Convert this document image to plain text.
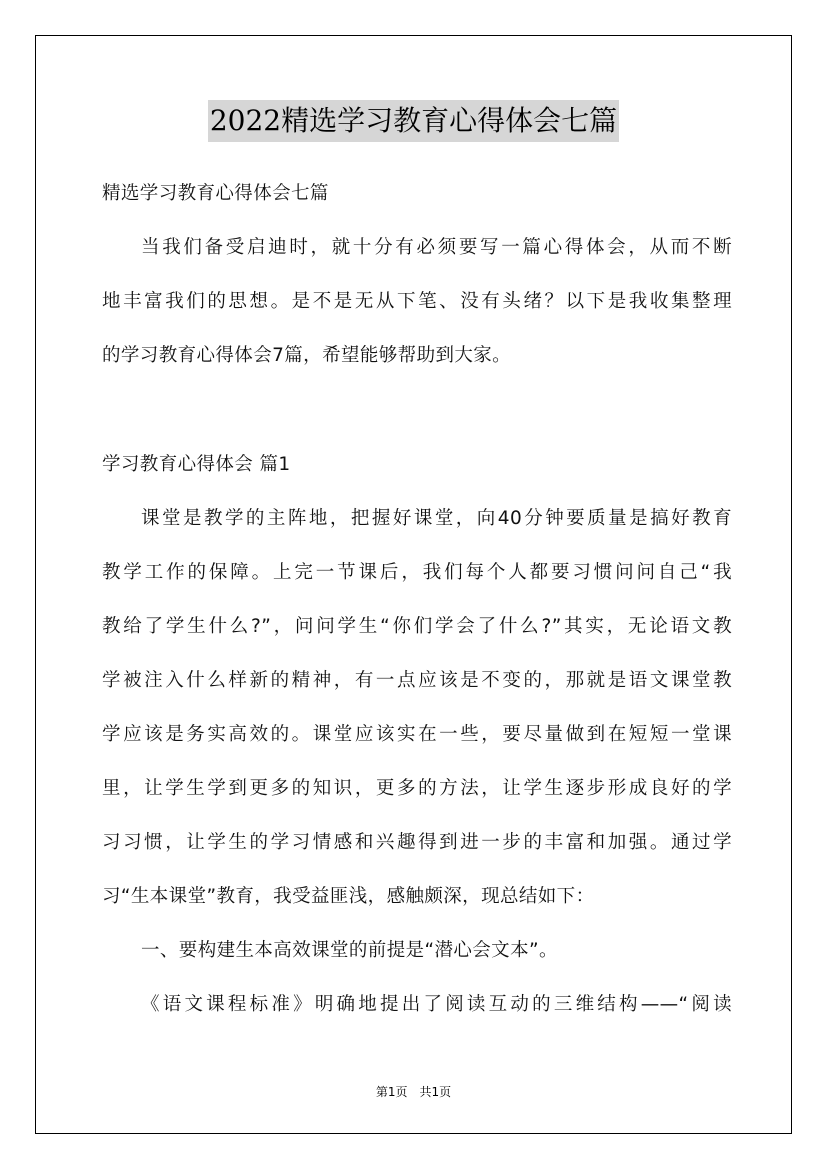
2022精选学习教育心得体会七篇
精选学习教育心得体会七篇
当我们备受启迪时，就十分有必须要写一篇心得体会，从而不断
地丰富我们的思想。是不是无从下笔、没有头绪？以下是我收集整理
的学习教育心得体会7篇，希望能够帮助到大家。
学习教育心得体会 篇1
课堂是教学的主阵地，把握好课堂，向40分钟要质量是搞好教育
教学工作的保障。上完一节课后，我们每个人都要习惯问问自己“我
教给了学生什么?”，问问学生“你们学会了什么?”其实，无论语文教
学被注入什么样新的精神，有一点应该是不变的，那就是语文课堂教
学应该是务实高效的。课堂应该实在一些，要尽量做到在短短一堂课
里，让学生学到更多的知识，更多的方法，让学生逐步形成良好的学
习习惯，让学生的学习情感和兴趣得到进一步的丰富和加强。通过学
习“生本课堂”教育，我受益匪浅，感触颇深，现总结如下：
一、要构建生本高效课堂的前提是“潜心会文本”。
《语文课程标准》明确地提出了阅读互动的三维结构——“阅读
第1页　共1页
